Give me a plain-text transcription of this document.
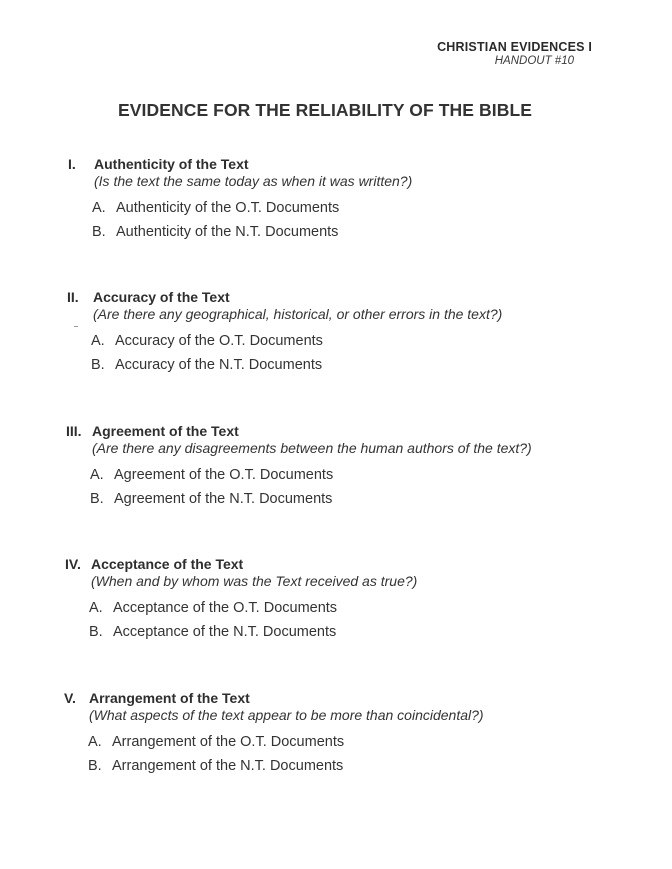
CHRISTIAN EVIDENCES I
HANDOUT #10
EVIDENCE FOR THE RELIABILITY OF THE BIBLE
I.	Authenticity of the Text
(Is the text the same today as when it was written?)
A. Authenticity of the O.T. Documents
B. Authenticity of the N.T. Documents
II.	Accuracy of the Text
(Are there any geographical, historical, or other errors in the text?)
A. Accuracy of the O.T. Documents
B. Accuracy of the N.T. Documents
III. Agreement of the Text
(Are there any disagreements between the human authors of the text?)
A. Agreement of the O.T. Documents
B. Agreement of the N.T. Documents
IV. Acceptance of the Text
(When and by whom was the Text received as true?)
A. Acceptance of the O.T. Documents
B. Acceptance of the N.T. Documents
V. Arrangement of the Text
(What aspects of the text appear to be more than coincidental?)
A. Arrangement of the O.T. Documents
B. Arrangement of the N.T. Documents
